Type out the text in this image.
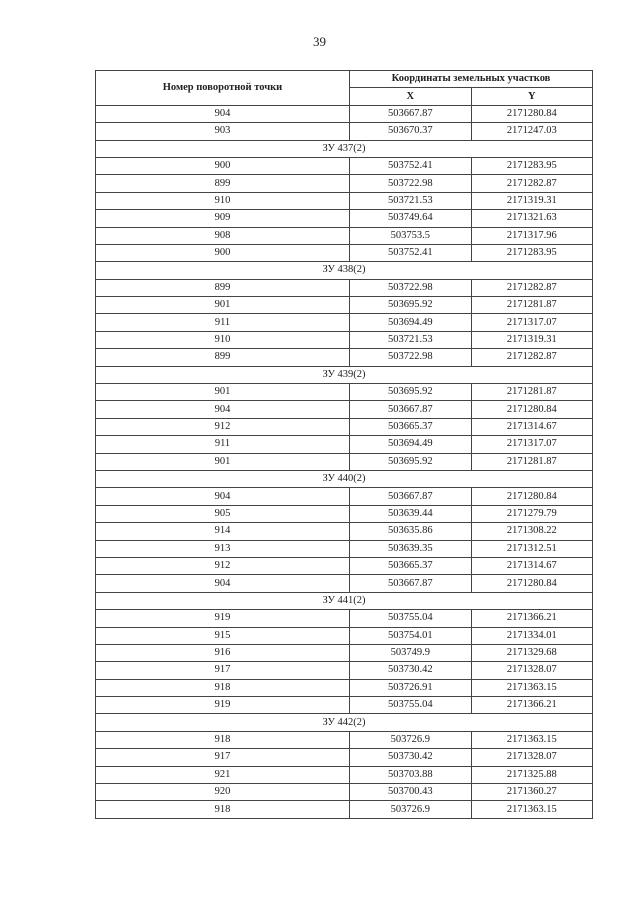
39
Номер поворотной точки	Координаты земельных участков	
	X	Y
904	503667.87	2171280.84
903	503670.37	2171247.03
ЗУ 437(2)		
900	503752.41	2171283.95
899	503722.98	2171282.87
910	503721.53	2171319.31
909	503749.64	2171321.63
908	503753.5	2171317.96
900	503752.41	2171283.95
ЗУ 438(2)		
899	503722.98	2171282.87
901	503695.92	2171281.87
911	503694.49	2171317.07
910	503721.53	2171319.31
899	503722.98	2171282.87
ЗУ 439(2)		
901	503695.92	2171281.87
904	503667.87	2171280.84
912	503665.37	2171314.67
911	503694.49	2171317.07
901	503695.92	2171281.87
ЗУ 440(2)		
904	503667.87	2171280.84
905	503639.44	2171279.79
914	503635.86	2171308.22
913	503639.35	2171312.51
912	503665.37	2171314.67
904	503667.87	2171280.84
ЗУ 441(2)		
919	503755.04	2171366.21
915	503754.01	2171334.01
916	503749.9	2171329.68
917	503730.42	2171328.07
918	503726.91	2171363.15
919	503755.04	2171366.21
ЗУ 442(2)		
918	503726.9	2171363.15
917	503730.42	2171328.07
921	503703.88	2171325.88
920	503700.43	2171360.27
918	503726.9	2171363.15
